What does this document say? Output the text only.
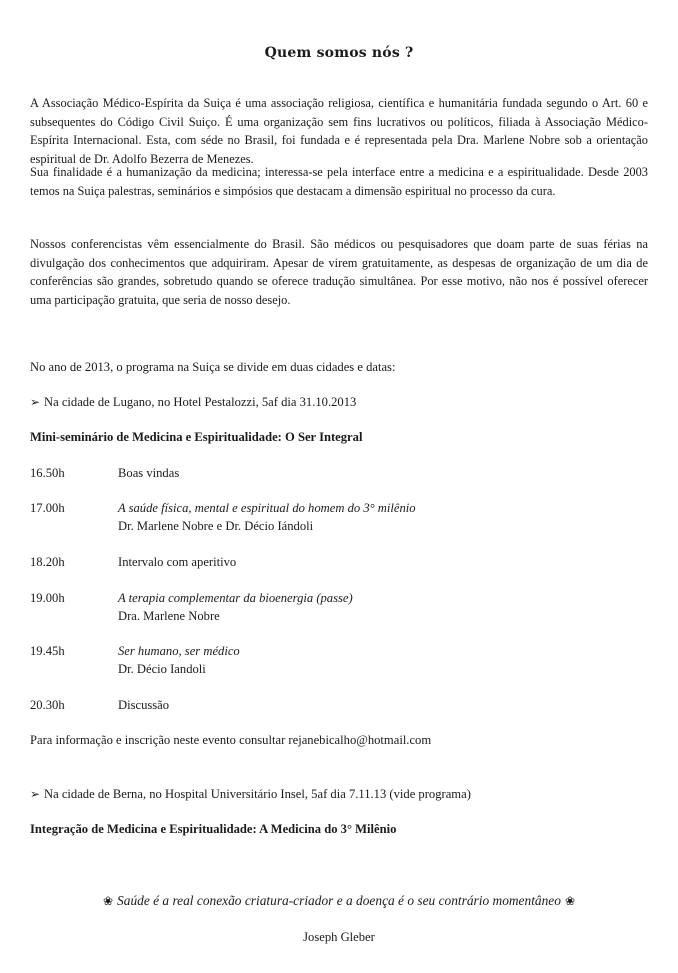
Quem somos nós ?

A Associação Médico-Espírita da Suiça é uma associação religiosa, científica e humanitária fundada segundo o Art. 60 e subsequentes do Código Civil Suiço. É uma organização sem fins lucrativos ou políticos, filiada à Associação Médico-Espírita Internacional. Esta, com séde no Brasil, foi fundada e é representada pela Dra. Marlene Nobre sob a orientação espiritual de Dr. Adolfo Bezerra de Menezes.

Sua finalidade é a humanização da medicina; interessa-se pela interface entre a medicina e a espiritualidade. Desde 2003 temos na Suiça palestras, seminários e simpósios que destacam a dimensão espiritual no processo da cura.

Nossos conferencistas vêm essencialmente do Brasil. São médicos ou pesquisadores que doam parte de suas férias na divulgação dos conhecimentos que adquiriram. Apesar de virem gratuitamente, as despesas de organização de um dia de conferências são grandes, sobretudo quando se oferece tradução simultânea. Por esse motivo, não nos é possível oferecer uma participação gratuita, que seria de nosso desejo.

No ano de 2013, o programa na Suiça se divide em duas cidades e datas:
➢ Na cidade de Lugano, no Hotel Pestalozzi, 5af dia 31.10.2013
Mini-seminário de Medicina e Espiritualidade: O Ser Integral
16.50h	Boas vindas
17.00h	A saúde física, mental e espiritual do homem do 3° milênio
Dr. Marlene Nobre e Dr. Décio Iándoli
18.20h	Intervalo com aperitivo
19.00h	A terapia complementar da bioenergia (passe)
Dra. Marlene Nobre
19.45h	Ser humano, ser médico
Dr. Décio Iandoli
20.30h	Discussão
Para informação e inscrição neste evento consultar rejanebicalho@hotmail.com
➢ Na cidade de Berna, no Hospital Universitário Insel, 5af dia 7.11.13 (vide programa)
Integração de Medicina e Espiritualidade: A Medicina do 3° Milênio
❀ Saúde é a real conexão criatura-criador e a doença é o seu contrário momentâneo ❀
Joseph Gleber
